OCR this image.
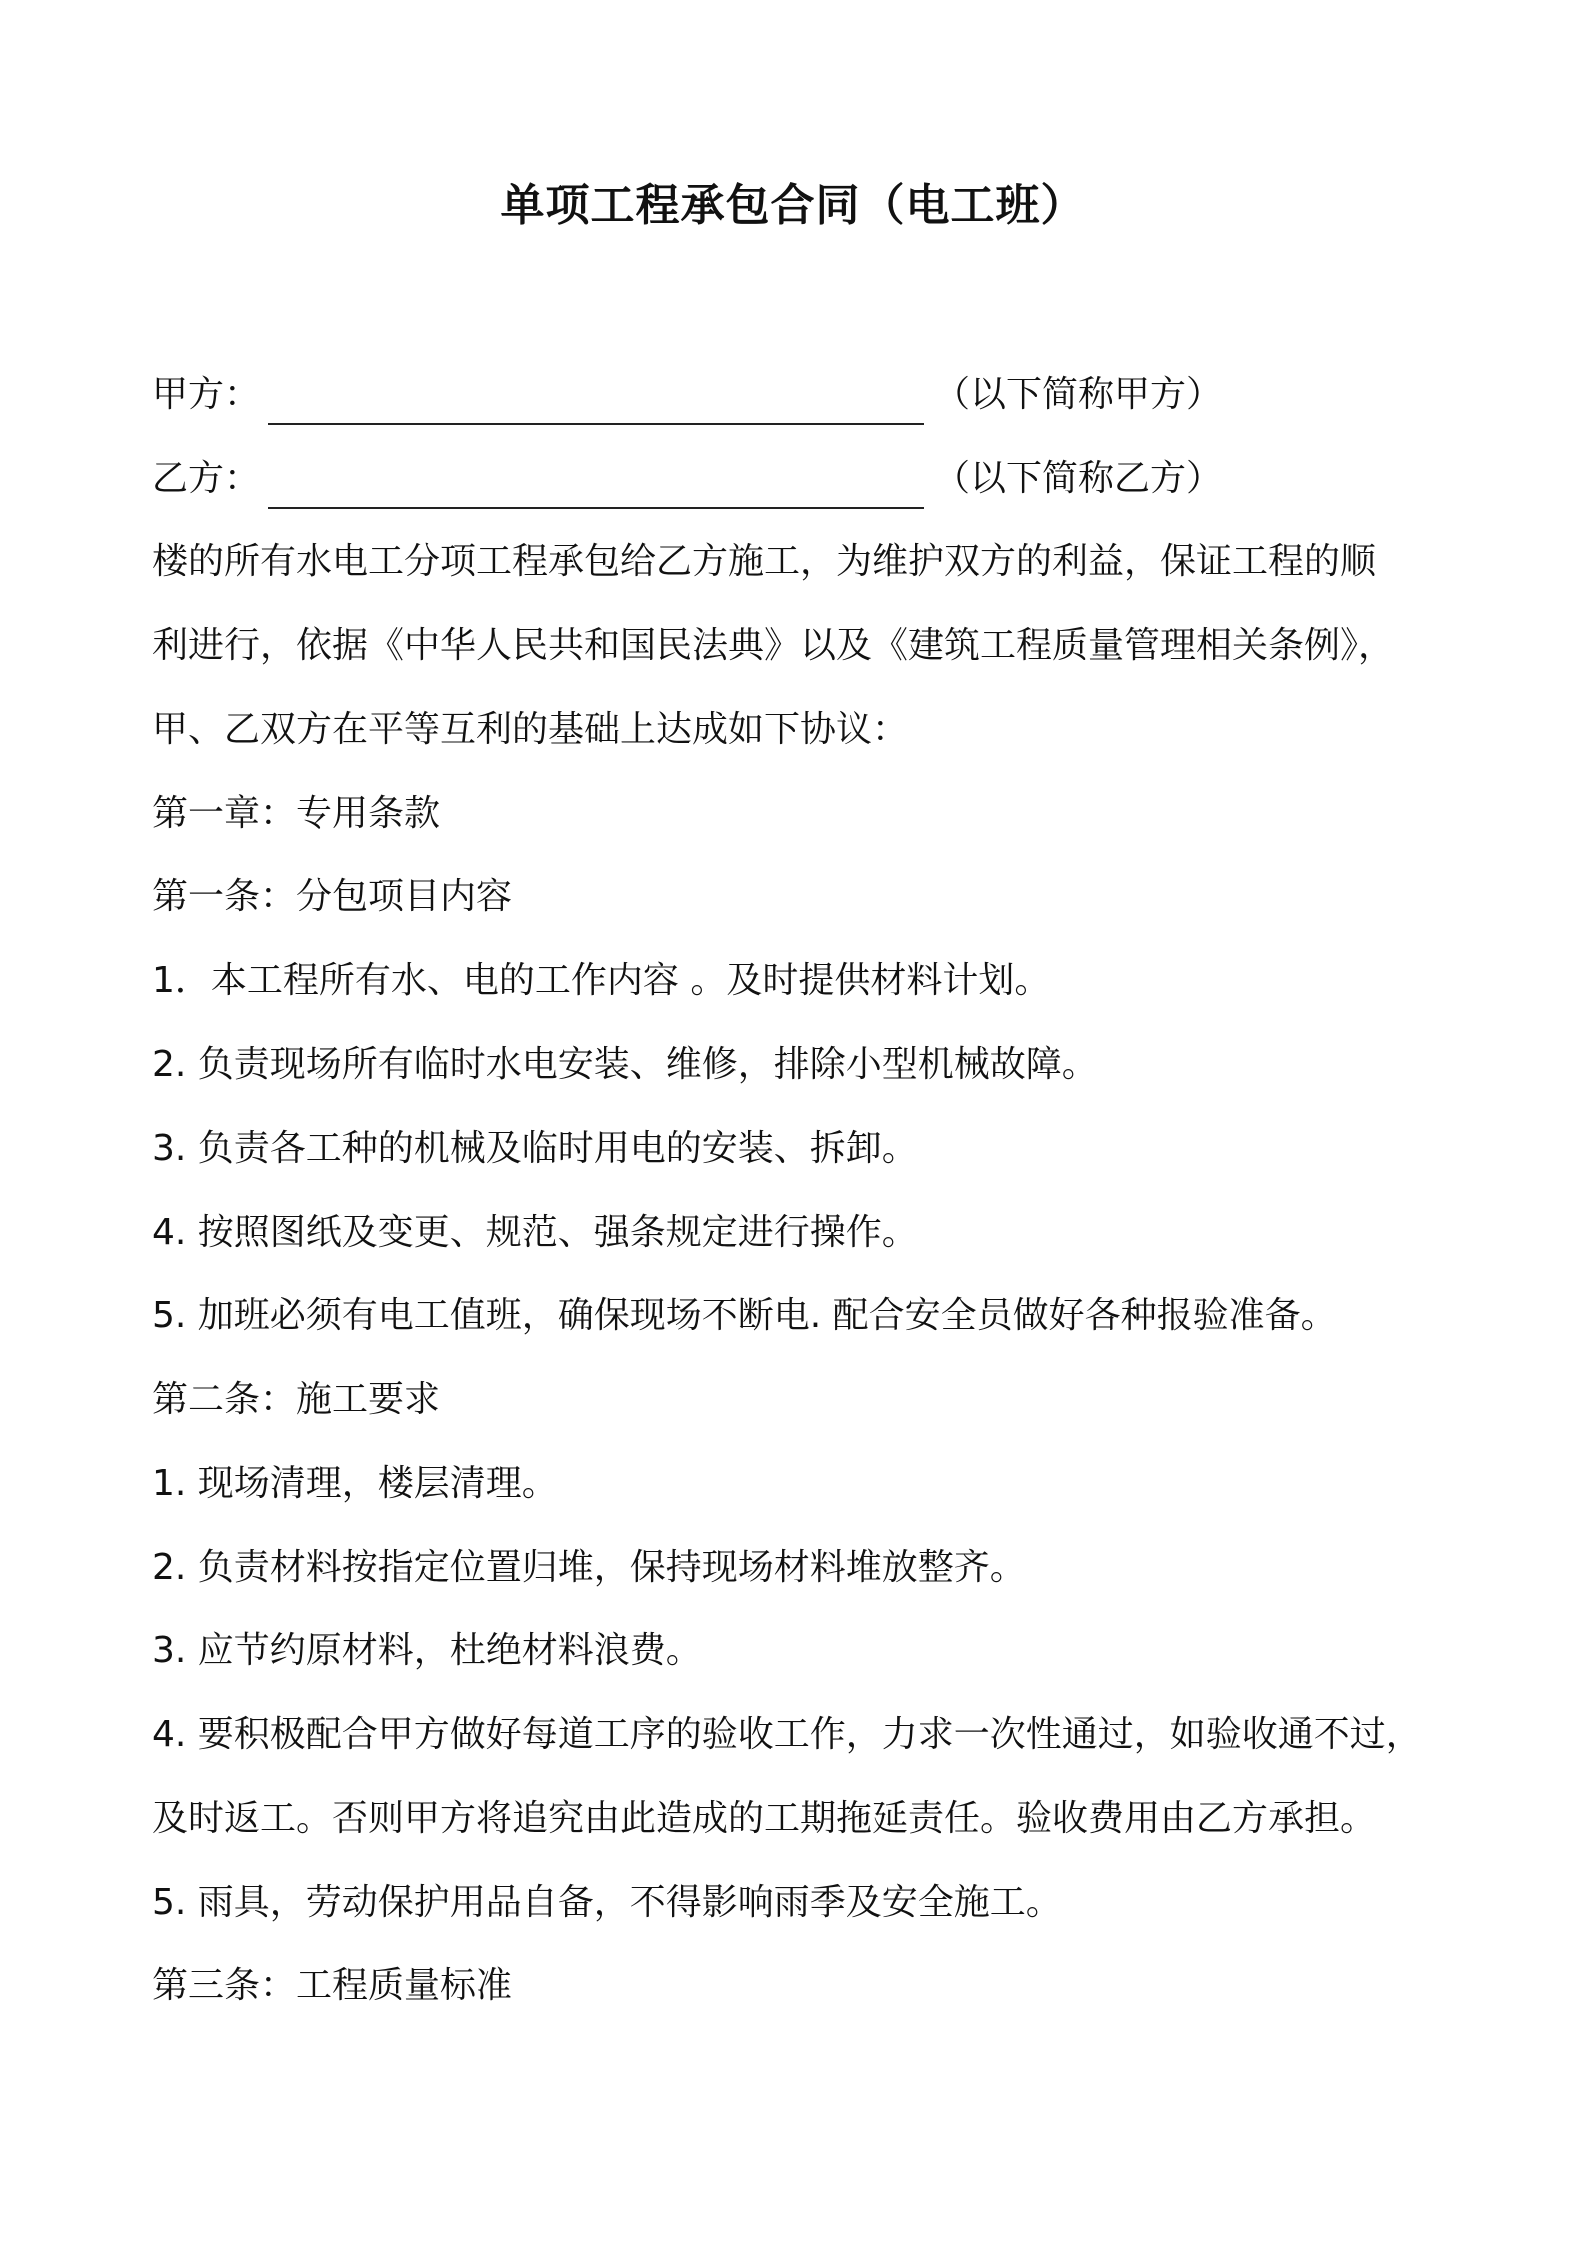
单项工程承包合同（电工班）
甲方：	（以下简称甲方）
乙方：	（以下简称乙方）
楼的所有水电工分项工程承包给乙方施工，为维护双方的利益，保证工程的顺
利进行，依据《中华人民共和国民法典》以及《建筑工程质量管理相关条例》，
甲、乙双方在平等互利的基础上达成如下协议：
第一章：专用条款
第一条：分包项目内容
1．本工程所有水、电的工作内容 。及时提供材料计划。
2. 负责现场所有临时水电安装、维修，排除小型机械故障。
3. 负责各工种的机械及临时用电的安装、拆卸。
4. 按照图纸及变更、规范、强条规定进行操作。
5. 加班必须有电工值班，确保现场不断电. 配合安全员做好各种报验准备。
第二条：施工要求
1. 现场清理，楼层清理。
2. 负责材料按指定位置归堆，保持现场材料堆放整齐。
3. 应节约原材料，杜绝材料浪费。
4. 要积极配合甲方做好每道工序的验收工作，力求一次性通过，如验收通不过，
及时返工。否则甲方将追究由此造成的工期拖延责任。验收费用由乙方承担。
5. 雨具，劳动保护用品自备，不得影响雨季及安全施工。
第三条：工程质量标准
